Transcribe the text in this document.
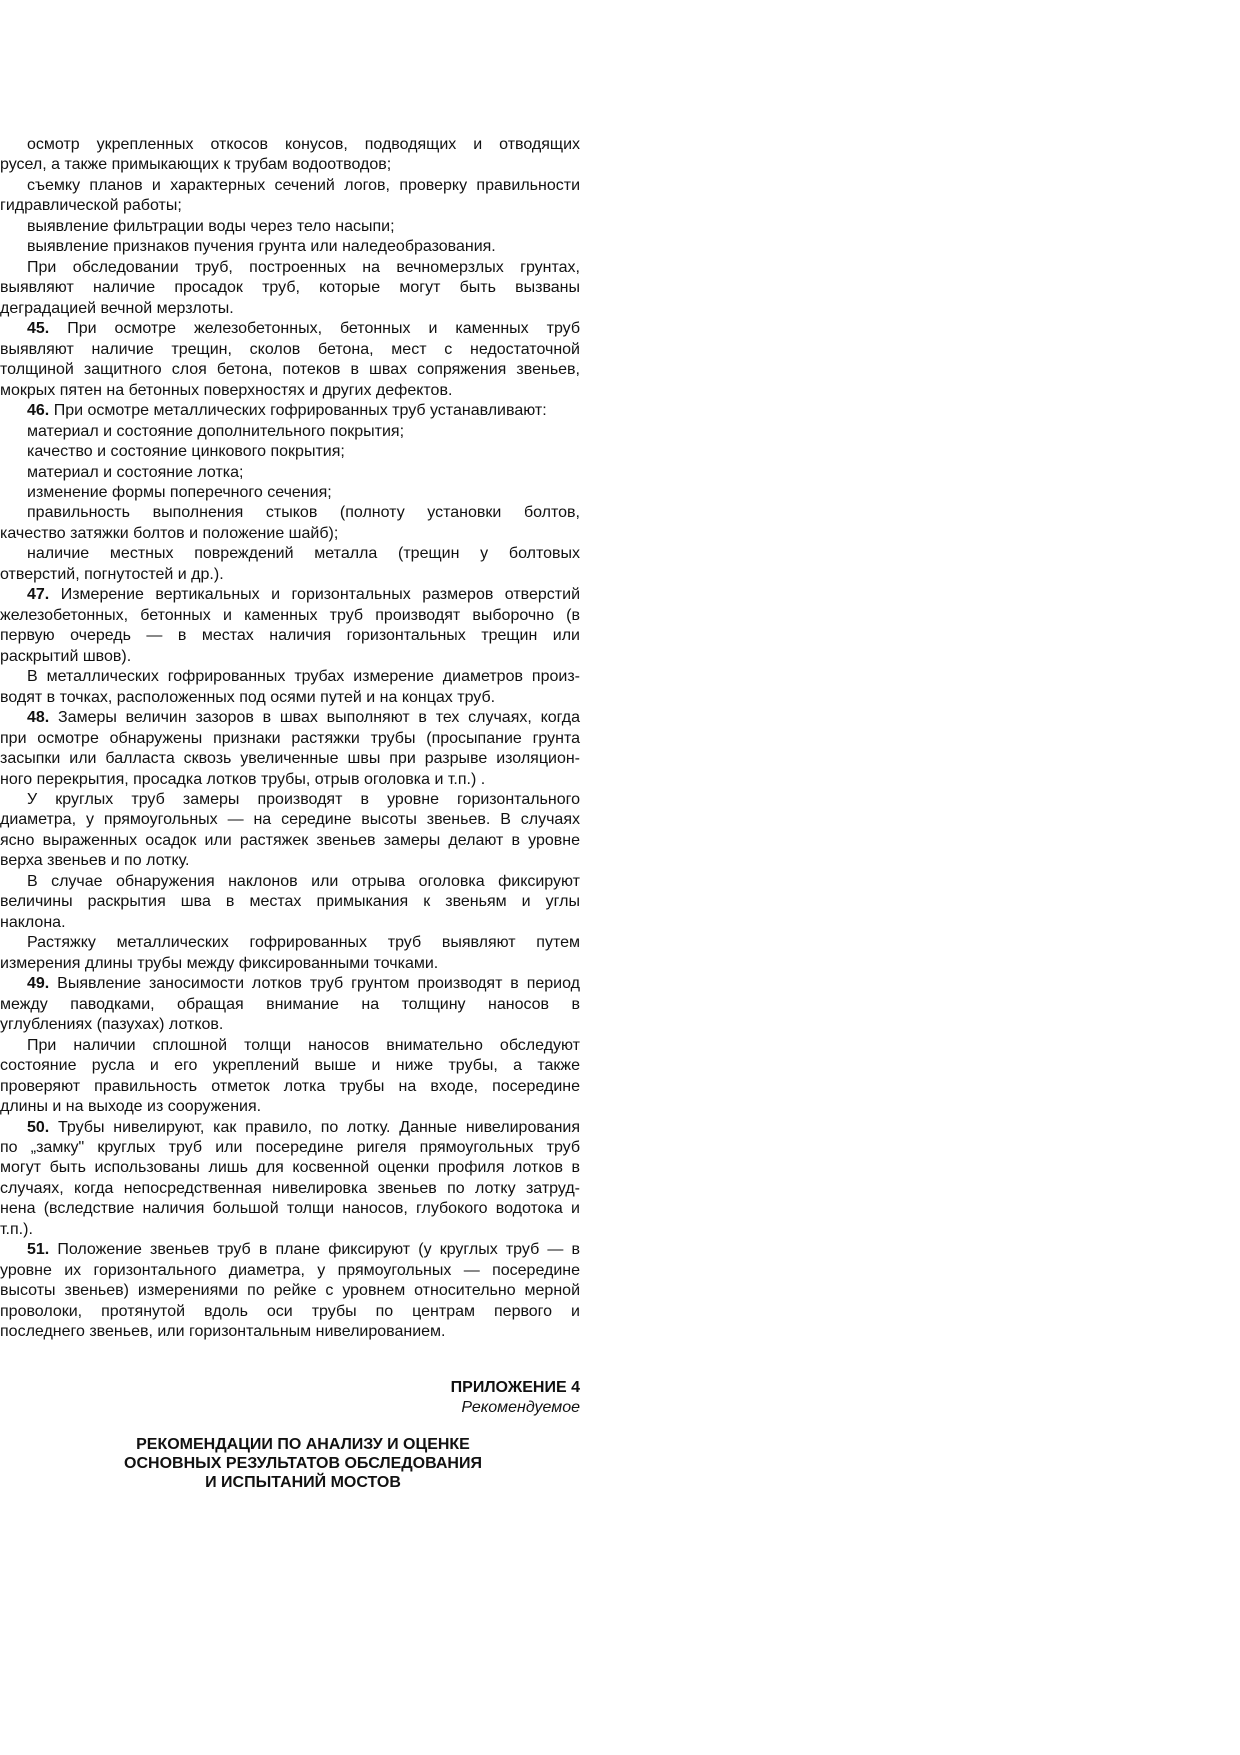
осмотр укрепленных откосов конусов, подводящих и отводящих
русел, а также примыкающих к трубам водоотводов;
съемку планов и характерных сечений логов, проверку правильности
гидравлической работы;
выявление фильтрации воды через тело насыпи;
выявление признаков пучения грунта или наледеобразования.
При обследовании труб, построенных на вечномерзлых грунтах,
выявляют наличие просадок труб, которые могут быть вызваны
деградацией вечной мерзлоты.
45. При осмотре железобетонных, бетонных и каменных труб
выявляют наличие трещин, сколов бетона, мест с недостаточной
толщиной защитного слоя бетона, потеков в швах сопряжения звеньев,
мокрых пятен на бетонных поверхностях и других дефектов.
46. При осмотре металлических гофрированных труб устанавливают:
материал и состояние дополнительного покрытия;
качество и состояние цинкового покрытия;
материал и состояние лотка;
изменение формы поперечного сечения;
правильность выполнения стыков (полноту установки болтов,
качество затяжки болтов и положение шайб);
наличие местных повреждений металла (трещин у болтовых
отверстий, погнутостей и др.).
47. Измерение вертикальных и горизонтальных размеров отверстий
железобетонных, бетонных и каменных труб производят выборочно (в
первую очередь — в местах наличия горизонтальных трещин или
раскрытий швов).
В металлических гофрированных трубах измерение диаметров произ-
водят в точках, расположенных под осями путей и на концах труб.
48. Замеры величин зазоров в швах выполняют в тех случаях, когда
при осмотре обнаружены признаки растяжки трубы (просыпание грунта
засыпки или балласта сквозь увеличенные швы при разрыве изоляцион-
ного перекрытия, просадка лотков трубы, отрыв оголовка и т.п.) .
У круглых труб замеры производят в уровне горизонтального
диаметра, у прямоугольных — на середине высоты звеньев. В случаях
ясно выраженных осадок или растяжек звеньев замеры делают в уровне
верха звеньев и по лотку.
В случае обнаружения наклонов или отрыва оголовка фиксируют
величины раскрытия шва в местах примыкания к звеньям и углы
наклона.
Растяжку металлических гофрированных труб выявляют путем
измерения длины трубы между фиксированными точками.
49. Выявление заносимости лотков труб грунтом производят в период
между паводками, обращая внимание на толщину наносов в
углублениях (пазухах) лотков.
При наличии сплошной толщи наносов внимательно обследуют
состояние русла и его укреплений выше и ниже трубы, а также
проверяют правильность отметок лотка трубы на входе, посередине
длины и на выходе из сооружения.
50. Трубы нивелируют, как правило, по лотку. Данные нивелирования
по „замку" круглых труб или посередине ригеля прямоугольных труб
могут быть использованы лишь для косвенной оценки профиля лотков в
случаях, когда непосредственная нивелировка звеньев по лотку затруд-
нена (вследствие наличия большой толщи наносов, глубокого водотока и
т.п.).
51. Положение звеньев труб в плане фиксируют (у круглых труб — в
уровне их горизонтального диаметра, у прямоугольных — посередине
высоты звеньев) измерениями по рейке с уровнем относительно мерной
проволоки, протянутой вдоль оси трубы по центрам первого и
последнего звеньев, или горизонтальным нивелированием.
ПРИЛОЖЕНИЕ 4
Рекомендуемое
РЕКОМЕНДАЦИИ ПО АНАЛИЗУ И ОЦЕНКЕ
ОСНОВНЫХ РЕЗУЛЬТАТОВ ОБСЛЕДОВАНИЯ
И ИСПЫТАНИЙ МОСТОВ
